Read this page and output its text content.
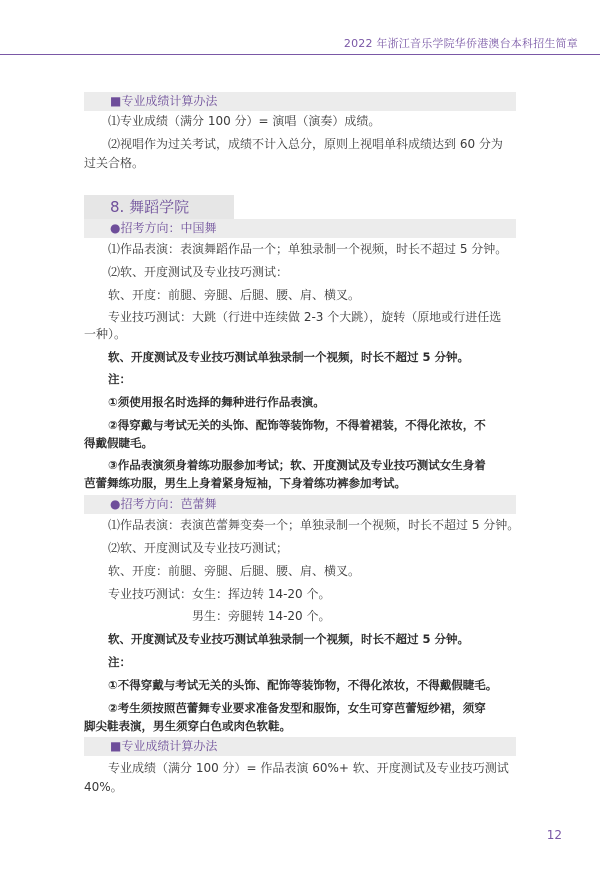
2022 年浙江音乐学院华侨港澳台本科招生简章
■专业成绩计算办法
⑴专业成绩（满分 100 分）= 演唱（演奏）成绩。
⑵视唱作为过关考试，成绩不计入总分，原则上视唱单科成绩达到 60 分为
过关合格。
8. 舞蹈学院
●招考方向：中国舞
⑴作品表演：表演舞蹈作品一个；单独录制一个视频，时长不超过 5 分钟。
⑵软、开度测试及专业技巧测试：
软、开度：前腿、旁腿、后腿、腰、肩、横叉。
专业技巧测试：大跳（行进中连续做 2-3 个大跳），旋转（原地或行进任选
一种）。
软、开度测试及专业技巧测试单独录制一个视频，时长不超过 5 分钟。
注：
①须使用报名时选择的舞种进行作品表演。
②得穿戴与考试无关的头饰、配饰等装饰物，不得着裙装，不得化浓妆，不
得戴假睫毛。
③作品表演须身着练功服参加考试；软、开度测试及专业技巧测试女生身着
芭蕾舞练功服，男生上身着紧身短袖，下身着练功裤参加考试。
●招考方向：芭蕾舞
⑴作品表演：表演芭蕾舞变奏一个；单独录制一个视频，时长不超过 5 分钟。
⑵软、开度测试及专业技巧测试；
软、开度：前腿、旁腿、后腿、腰、肩、横叉。
专业技巧测试：女生：挥边转 14-20 个。
男生：旁腿转 14-20 个。
软、开度测试及专业技巧测试单独录制一个视频，时长不超过 5 分钟。
注：
①不得穿戴与考试无关的头饰、配饰等装饰物，不得化浓妆，不得戴假睫毛。
②考生须按照芭蕾舞专业要求准备发型和服饰，女生可穿芭蕾短纱裙，须穿
脚尖鞋表演，男生须穿白色或肉色软鞋。
■专业成绩计算办法
专业成绩（满分 100 分）= 作品表演 60%+ 软、开度测试及专业技巧测试
40%。
12
